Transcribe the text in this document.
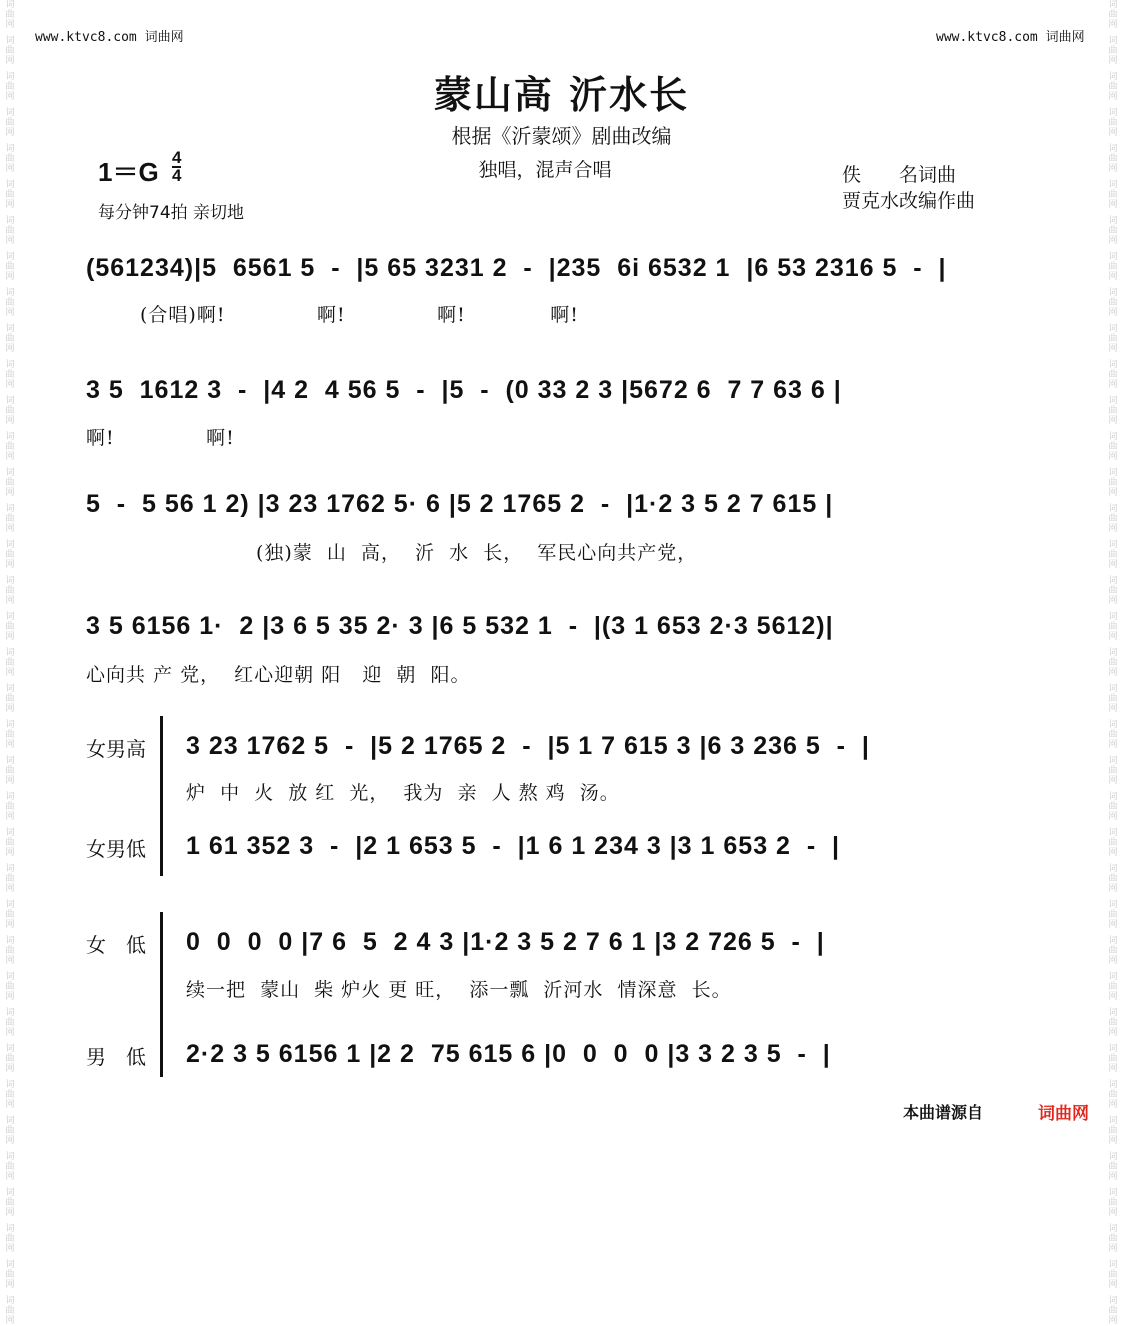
词
曲
网
词
曲
网
词
曲
网
词
曲
网
词
曲
网
词
曲
网
词
曲
网
词
曲
网
词
曲
网
词
曲
网
词
曲
网
词
曲
网
词
曲
网
词
曲
网
词
曲
网
词
曲
网
词
曲
网
词
曲
网
词
曲
网
词
曲
网
词
曲
网
词
曲
网
词
曲
网
词
曲
网
词
曲
网
词
曲
网
词
曲
网
词
曲
网
词
曲
网
词
曲
网
词
曲
网
词
曲
网
词
曲
网
词
曲
网
词
曲
网
词
曲
网
词
曲
网
词
曲
网
词
曲
网
词
曲
网
词
曲
网
词
曲
网
词
曲
网
词
曲
网
词
曲
网
词
曲
网
词
曲
网
词
曲
网
词
曲
网
词
曲
网
词
曲
网
词
曲
网
词
曲
网
词
曲
网
词
曲
网
词
曲
网
词
曲
网
词
曲
网
词
曲
网
词
曲
网
词
曲
网
词
曲
网
词
曲
网
词
曲
网
词
曲
网
词
曲
网
词
曲
网
词
曲
网
词
曲
网
词
曲
网
词
曲
网
词
曲
网
词
曲
网
词
曲
网
www.ktvc8.com 词曲网	www.ktvc8.com 词曲网
蒙山高 沂水长
根据《沂蒙颂》剧曲改编
独唱，混声合唱
$1=G \frac{4}{4}$
每分钟74拍 亲切地
佚　　名词曲
贾克水改编作曲
(561234)|5  6561 5  -  |5 65 3231 2  -  |235  6i 6532 1  |6 53 2316 5  -  |
(合唱)啊!             啊!             啊!            啊!
3 5  1612 3  -  |4 2  4 56 5  -  |5  -  (0 33 2 3 |5672 6  7 7 63 6 |
啊!             啊!
5  -  5 56 1 2) |3 23 1762 5· 6 |5 2 1765 2  -  |1·2 3 5 2 7 615 |
(独)蒙  山  高，  沂  水  长，  军民心向共产党，
3 5 6156 1·  2 |3 6 5 35 2· 3 |6 5 532 1  -  |(3 1 653 2·3 5612)|
心向共 产 党，  红心迎朝 阳   迎  朝  阳。
女男高 3 23 1762 5  -  |5 2 1765 2  -  |5 1 7 615 3 |6 3 236 5  -  |
炉  中  火  放 红  光，  我为  亲  人 熬 鸡  汤。
女男低 1 61 352 3  -  |2 1 653 5  -  |1 6 1 234 3 |3 1 653 2  -  |
女　低 0  0  0  0 |7 6  5  2 4 3 |1·2 3 5 2 7 6 1 |3 2 726 5  -  |
续一把  蒙山  柴 炉火 更 旺，  添一瓢  沂河水  情深意  长。
男　低 2·2 3 5 6156 1 |2 2  75 615 6 |0  0  0  0 |3 3 2 3 5  -  |
本曲谱源自	词曲网
